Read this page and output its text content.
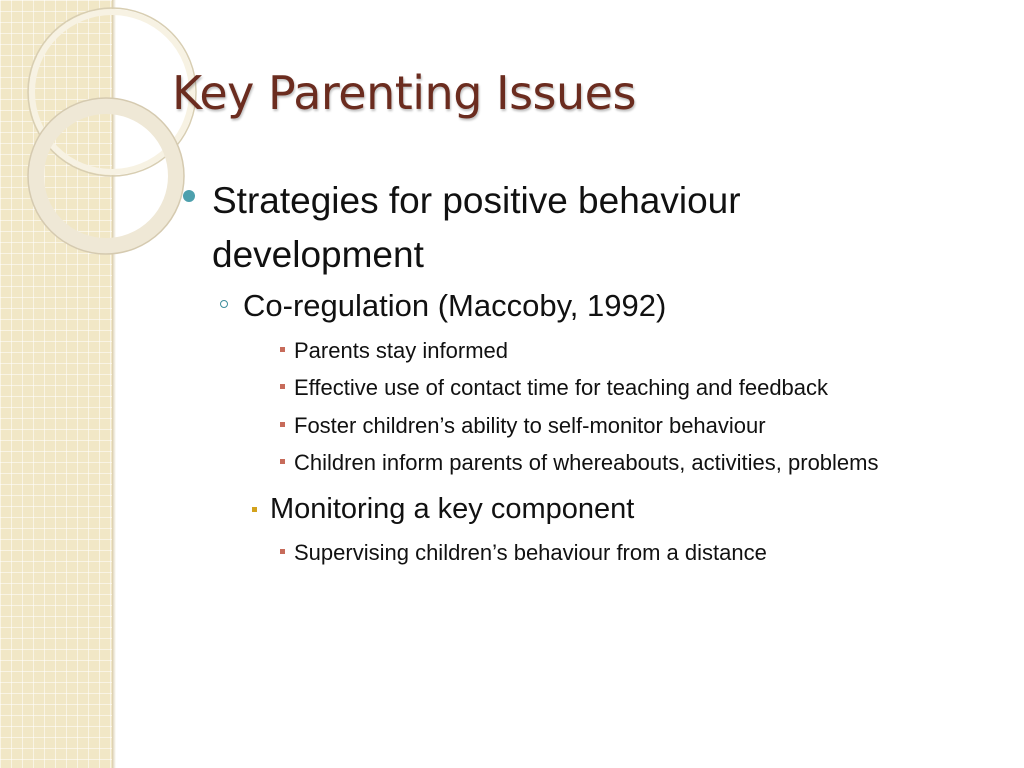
Key Parenting Issues
Strategies for positive behaviour development
Co-regulation (Maccoby, 1992)
Parents stay informed
Effective use of contact time for teaching and feedback
Foster children’s ability to self-monitor behaviour
Children inform parents of whereabouts, activities, problems
Monitoring a key component
Supervising children’s behaviour from a distance
